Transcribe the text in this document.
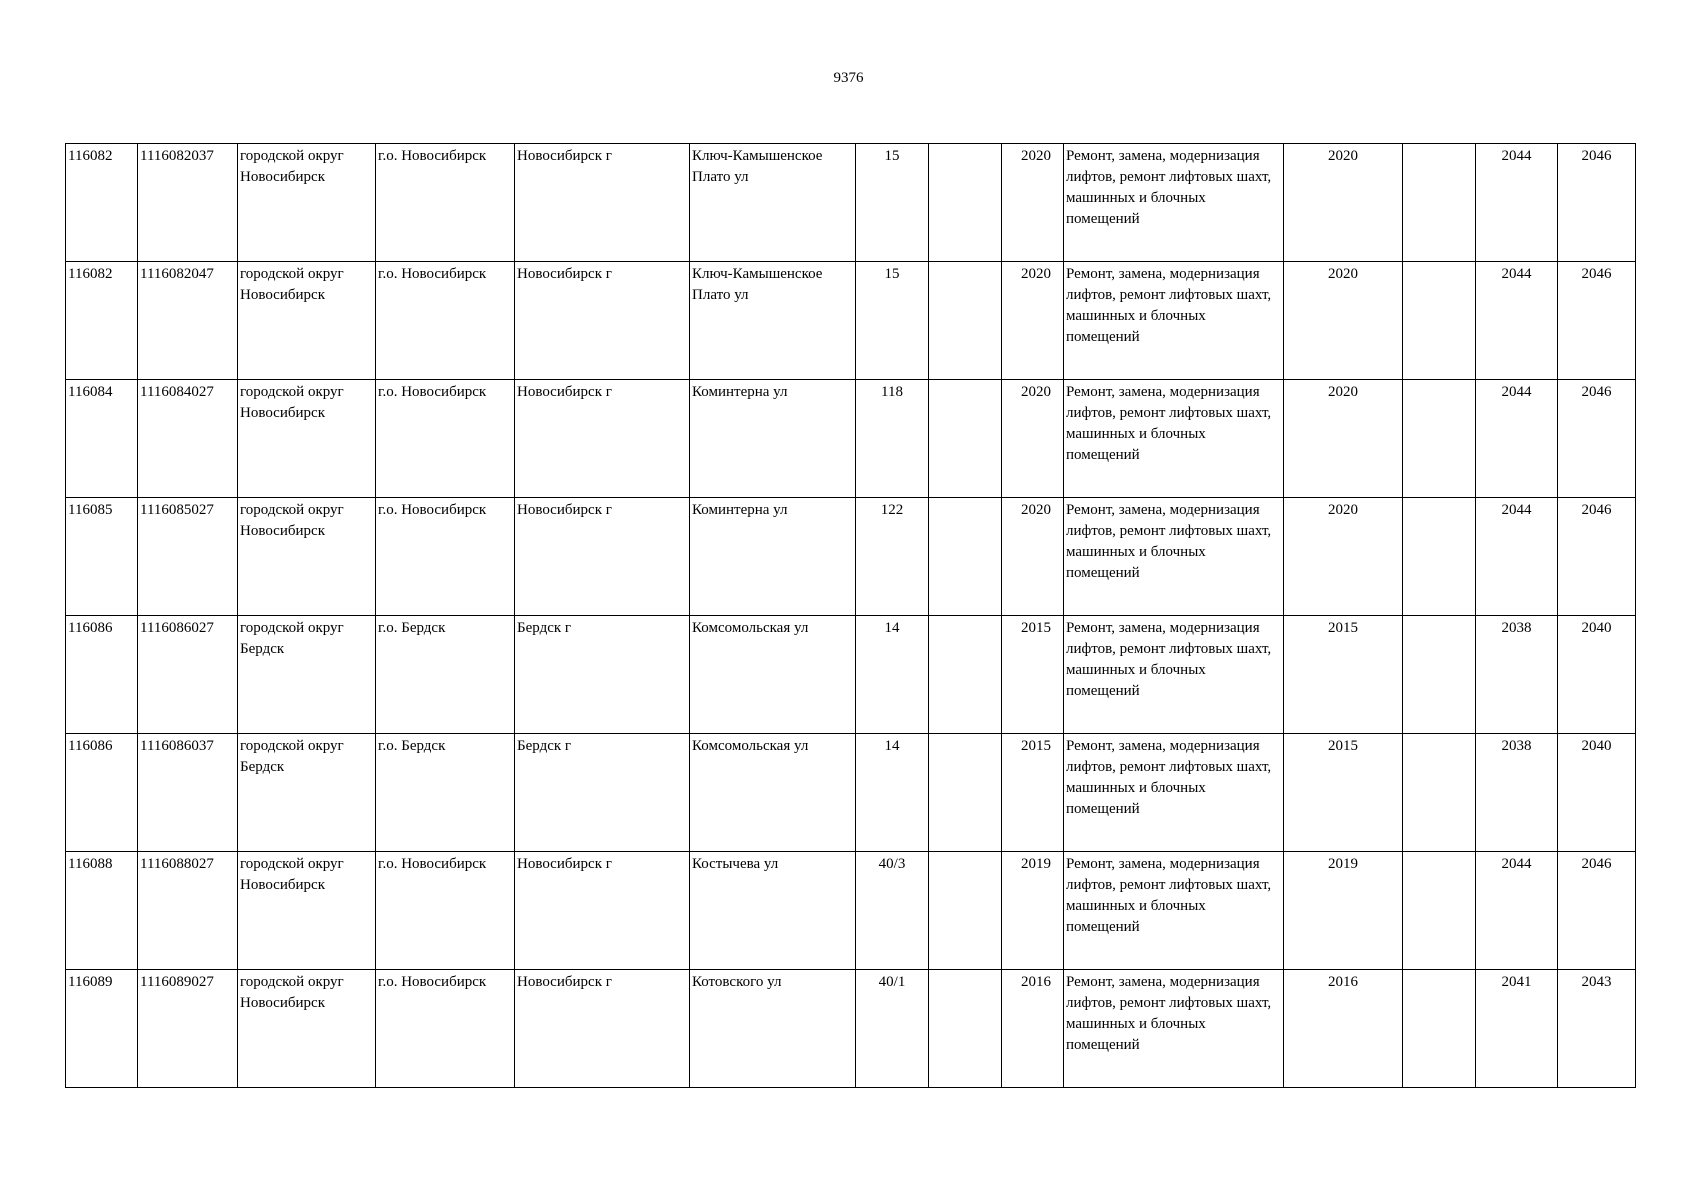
9376
116082	1116082037	городской округ Новосибирск	г.о. Новосибирск	Новосибирск г	Ключ-Камышенское Плато ул	15		2020	Ремонт, замена, модернизация лифтов, ремонт лифтовых шахт, машинных и блочных помещений	2020		2044	2046
116082	1116082047	городской округ Новосибирск	г.о. Новосибирск	Новосибирск г	Ключ-Камышенское Плато ул	15		2020	Ремонт, замена, модернизация лифтов, ремонт лифтовых шахт, машинных и блочных помещений	2020		2044	2046
116084	1116084027	городской округ Новосибирск	г.о. Новосибирск	Новосибирск г	Коминтерна ул	118		2020	Ремонт, замена, модернизация лифтов, ремонт лифтовых шахт, машинных и блочных помещений	2020		2044	2046
116085	1116085027	городской округ Новосибирск	г.о. Новосибирск	Новосибирск г	Коминтерна ул	122		2020	Ремонт, замена, модернизация лифтов, ремонт лифтовых шахт, машинных и блочных помещений	2020		2044	2046
116086	1116086027	городской округ Бердск	г.о. Бердск	Бердск г	Комсомольская ул	14		2015	Ремонт, замена, модернизация лифтов, ремонт лифтовых шахт, машинных и блочных помещений	2015		2038	2040
116086	1116086037	городской округ Бердск	г.о. Бердск	Бердск г	Комсомольская ул	14		2015	Ремонт, замена, модернизация лифтов, ремонт лифтовых шахт, машинных и блочных помещений	2015		2038	2040
116088	1116088027	городской округ Новосибирск	г.о. Новосибирск	Новосибирск г	Костычева ул	40/3		2019	Ремонт, замена, модернизация лифтов, ремонт лифтовых шахт, машинных и блочных помещений	2019		2044	2046
116089	1116089027	городской округ Новосибирск	г.о. Новосибирск	Новосибирск г	Котовского ул	40/1		2016	Ремонт, замена, модернизация лифтов, ремонт лифтовых шахт, машинных и блочных помещений	2016		2041	2043
